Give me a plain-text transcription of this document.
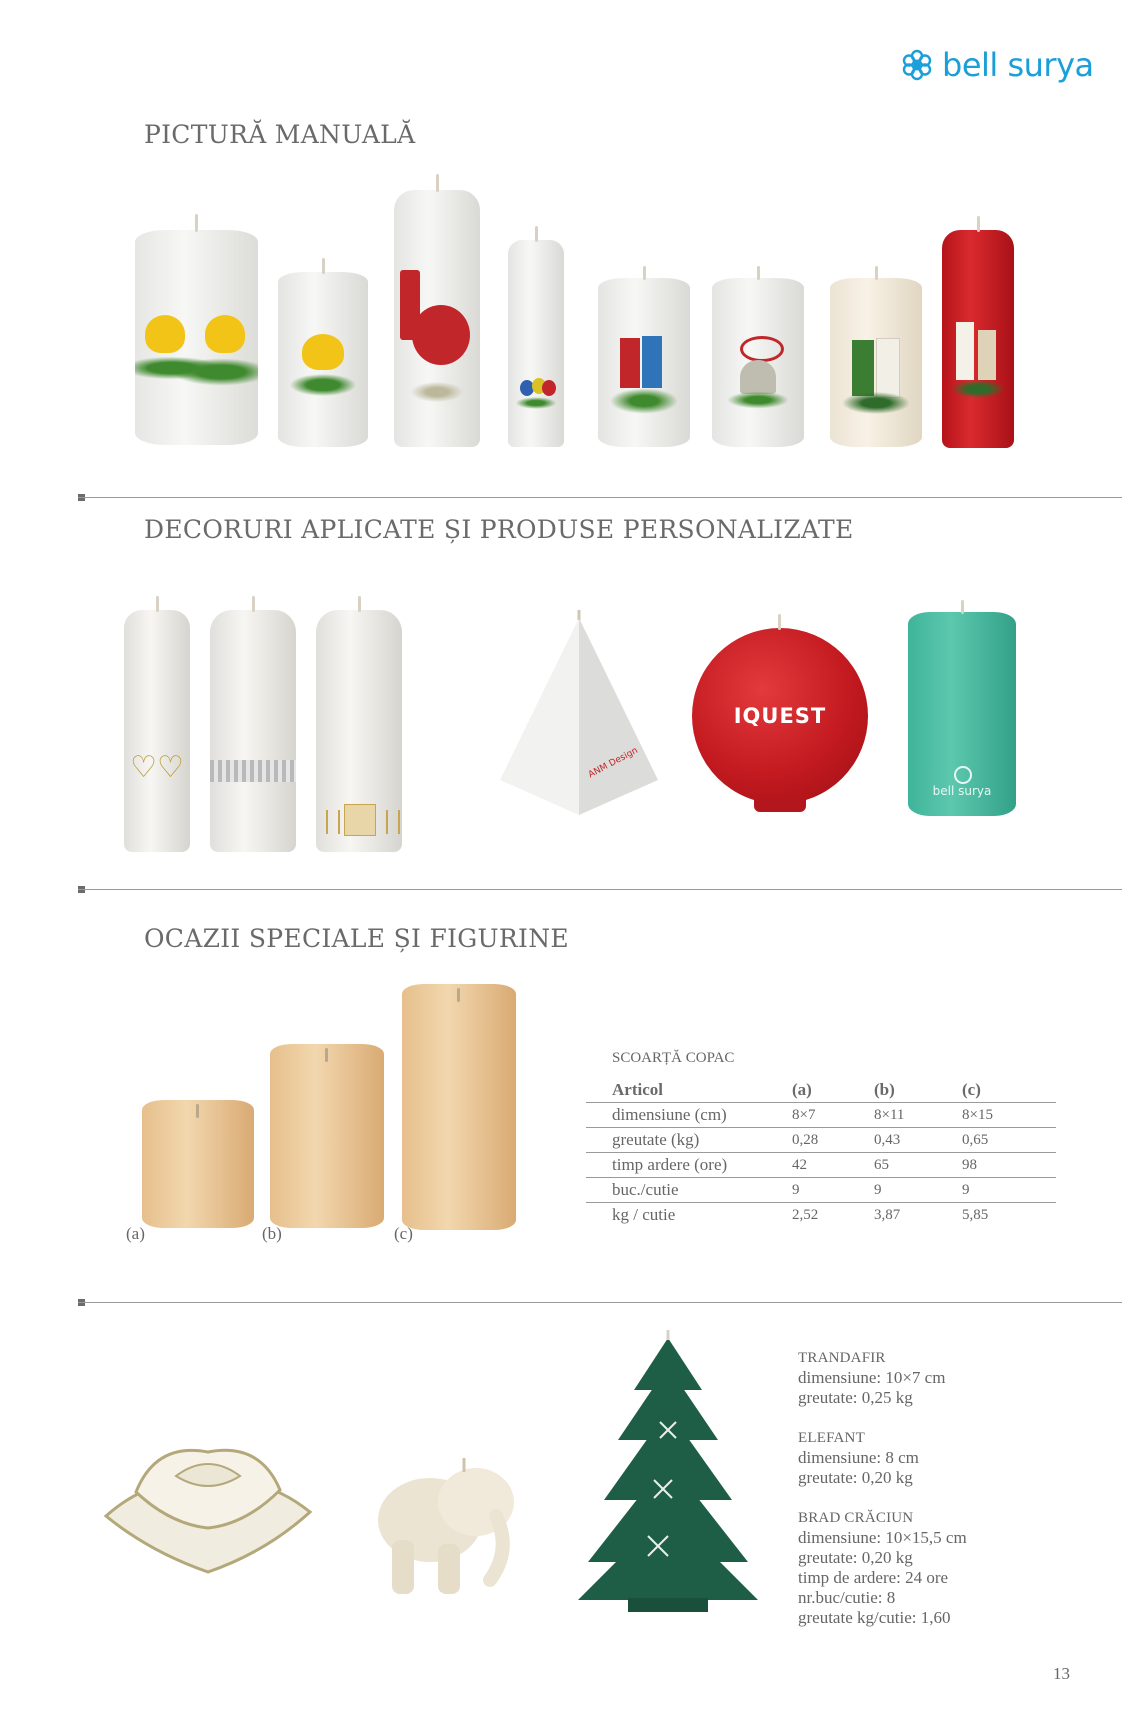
bell surya
PICTURĂ MANUALĂ
DECORURI APLICATE ȘI PRODUSE PERSONALIZATE
♡♡	ANM Design
IQUEST
bell surya
OCAZII SPECIALE ȘI FIGURINE
(a)	(b)	(c)
SCOARȚĂ COPAC
Articol	(a)	(b)	(c)
dimensiune (cm)	8×7	8×11	8×15
greutate (kg)	0,28	0,43	0,65
timp ardere (ore)	42	65	98
buc./cutie	9	9	9
kg / cutie	2,52	3,87	5,85
TRANDAFIR
dimensiune: 10×7 cm
greutate: 0,25 kg
ELEFANT
dimensiune: 8 cm
greutate: 0,20 kg
BRAD CRĂCIUN
dimensiune: 10×15,5 cm
greutate: 0,20 kg
timp de ardere: 24 ore
nr.buc/cutie: 8
greutate kg/cutie: 1,60
13
